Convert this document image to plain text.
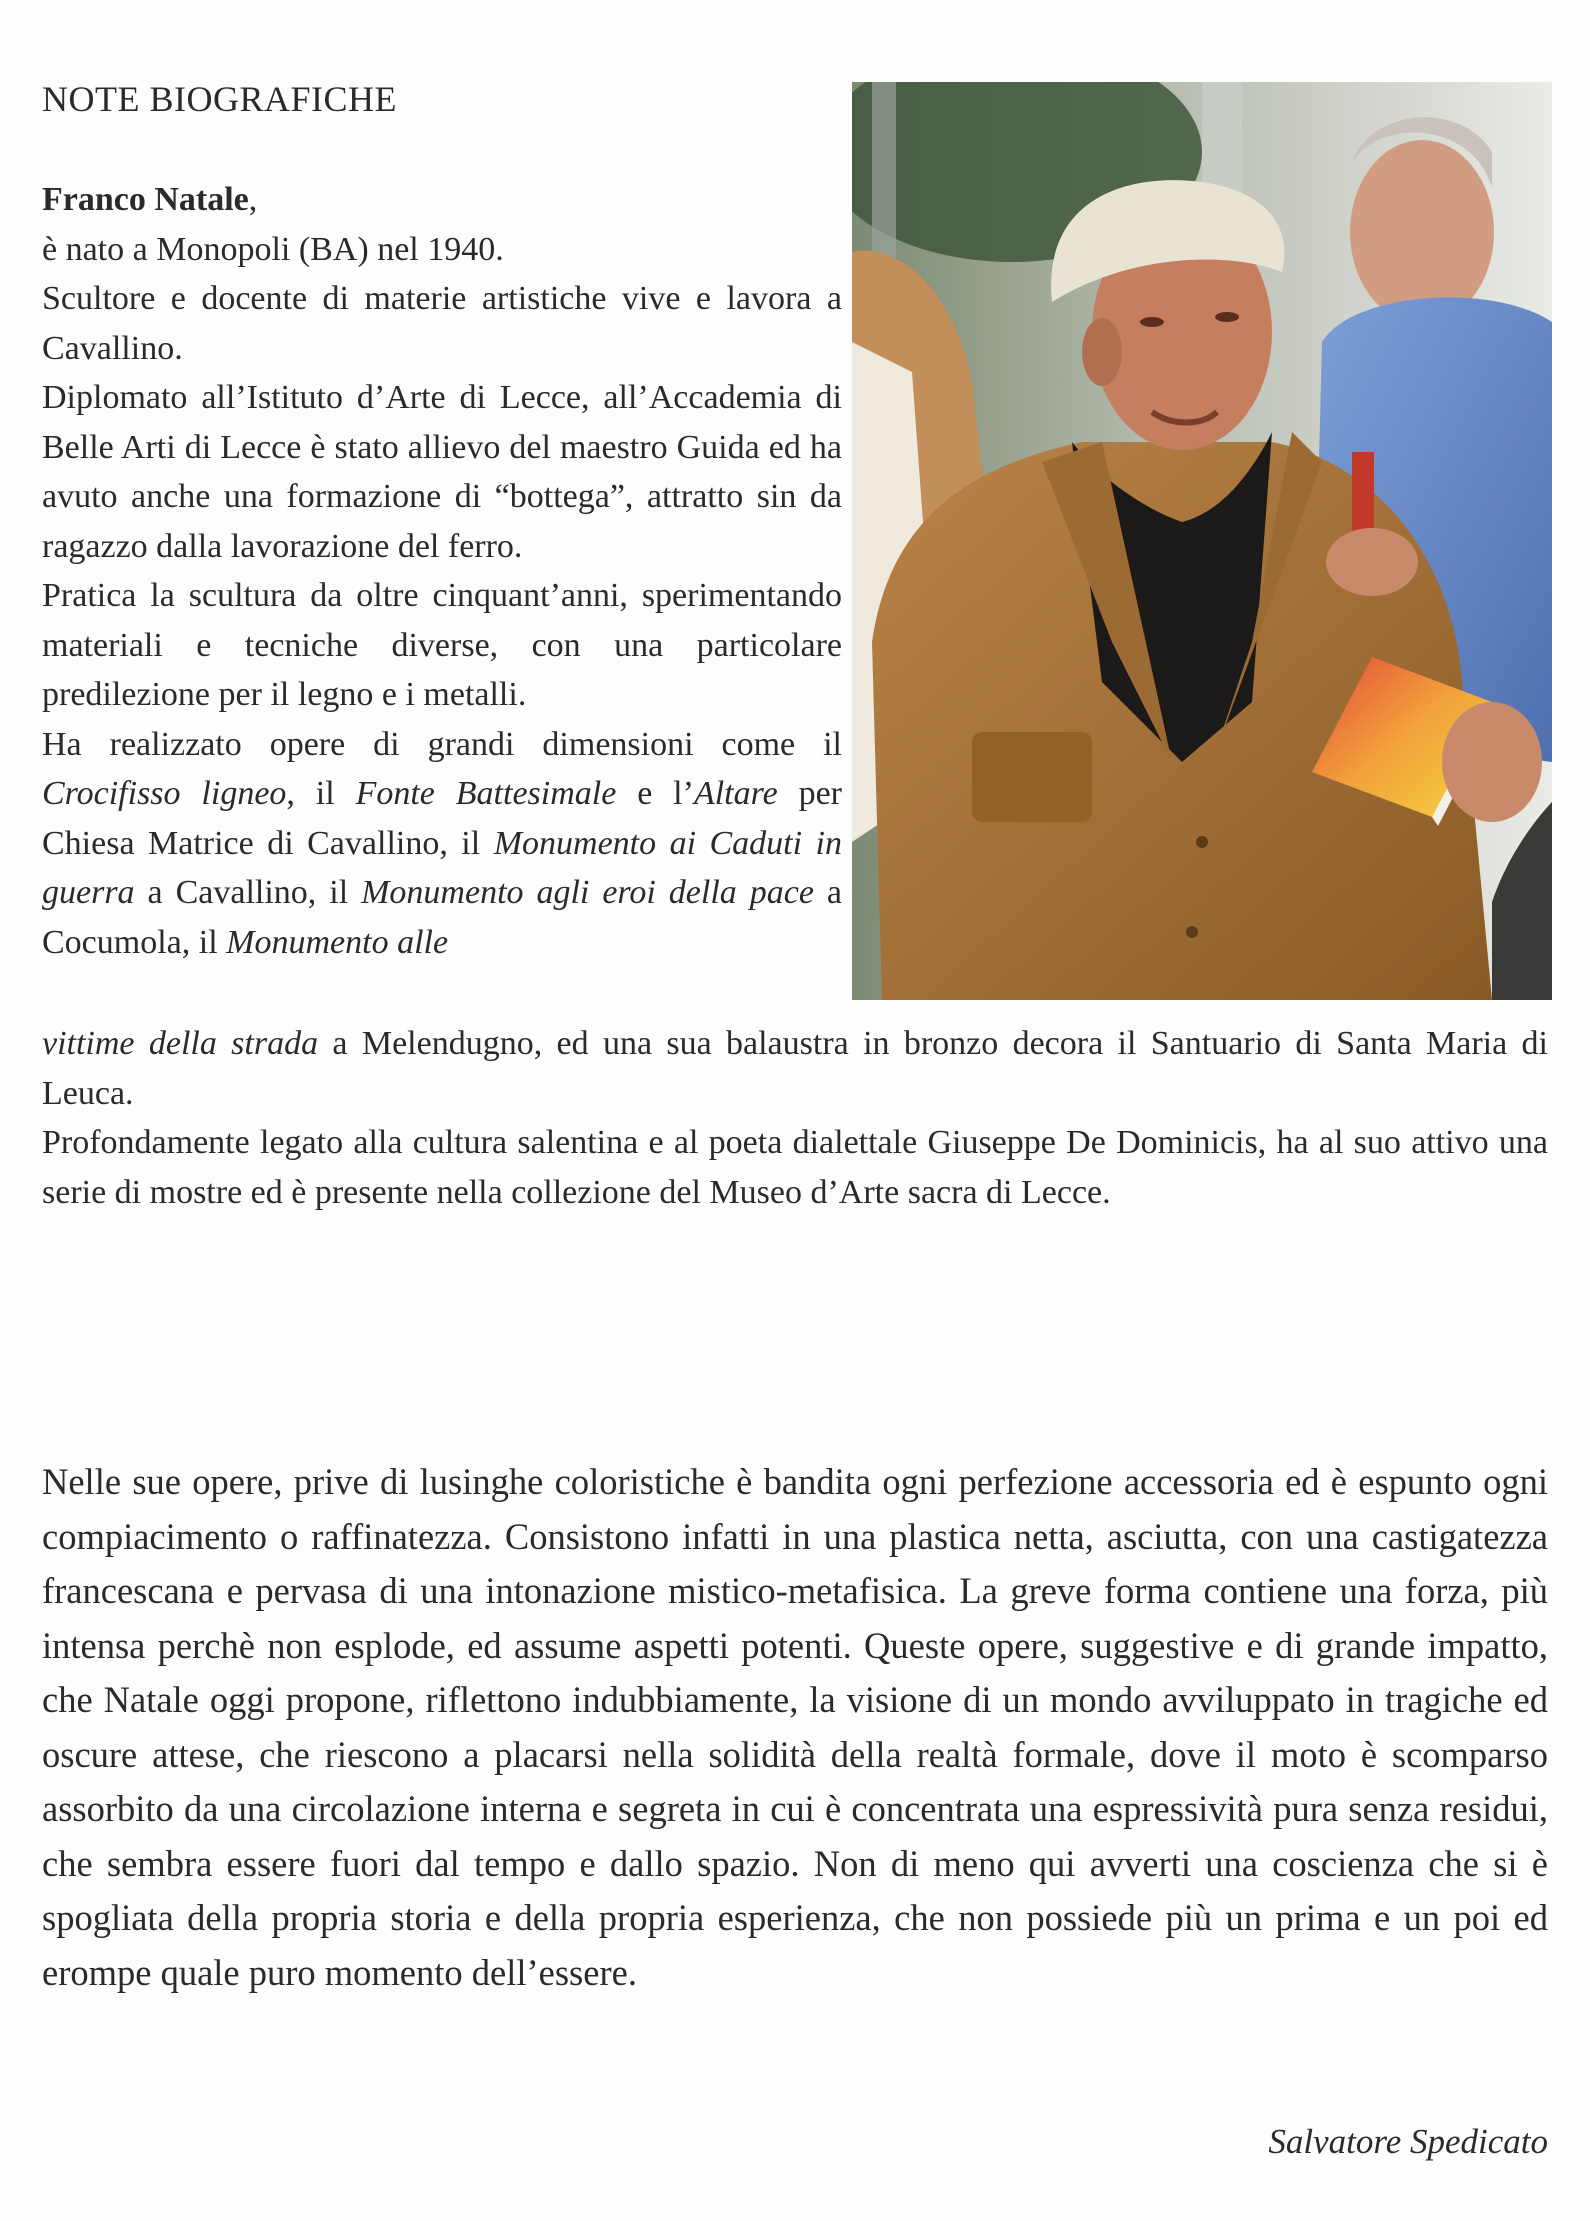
NOTE BIOGRAFICHE

Franco Natale,

è nato a Monopoli (BA) nel 1940.

Scultore e docente di materie artistiche vive e lavora a Cavallino.

Diplomato all’Istituto d’Arte di Lecce, all’Accademia di Belle Arti di Lecce è stato allievo del maestro Guida ed ha avuto anche una formazione di “bottega”, attratto sin da ragazzo dalla lavorazione del ferro.

Pratica la scultura da oltre cinquant’anni, sperimentando materiali e tecniche diverse, con una particolare predilezione per il legno e i metalli.

Ha realizzato opere di grandi dimensioni come il Crocifisso ligneo, il Fonte Battesimale e l’Altare per Chiesa Matrice di Cavallino, il Monumento ai Caduti in guerra a Cavallino, il Monumento agli eroi della pace a Cocumola, il Monumento alle

vittime della strada a Melendugno, ed una sua balaustra in bronzo decora il Santuario di Santa Maria di Leuca.

Profondamente legato alla cultura salentina e al poeta dialettale Giuseppe De Dominicis, ha al suo attivo una serie di mostre ed è presente nella collezione del Museo d’Arte sacra di Lecce.

Nelle sue opere, prive di lusinghe coloristiche è bandita ogni perfezione accessoria ed è espunto ogni compiacimento o raffinatezza. Consistono infatti in una plastica netta, asciutta, con una castigatezza francescana e pervasa di una intonazione mistico-metafisica. La greve forma contiene una forza, più intensa perchè non esplode, ed assume aspetti potenti. Queste opere, suggestive e di grande impatto, che Natale oggi propone, riflettono indubbiamente, la visione di un mondo avviluppato in tragiche ed oscure attese, che riescono a placarsi nella solidità della realtà formale, dove il moto è scomparso assorbito da una circolazione interna e segreta in cui è concentrata una espressività pura senza residui, che sembra essere fuori dal tempo e dallo spazio. Non di meno qui avverti una coscienza che si è spogliata della propria storia e della propria esperienza, che non possiede più un prima e un poi ed erompe quale puro momento dell’essere.

Salvatore Spedicato
